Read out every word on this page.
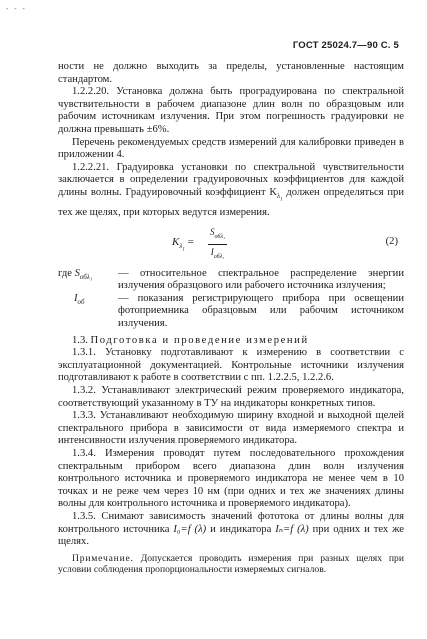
- - -
ГОСТ 25024.7—90 С. 5

ности не должно выходить за пределы, установленные настоящим стандартом.

1.2.2.20. Установка должна быть проградуирована по спектральной чувствительности в рабочем диапазоне длин волн по образцовым или рабочим источникам излучения. При этом погрешность градуировки не должна превышать ±6%.

Перечень рекомендуемых средств измерений для калибровки приведен в приложении 4.

1.2.2.21. Градуировка установки по спектральной чувствительности заключается в определении градуировочных коэффициентов для каждой длины волны. Градуировочный коэффициент $K_{\lambda_1}$ должен определяться при тех же щелях, при которых ведутся измерения.

$K_{\lambda_1}$ =
$S_{об\lambda_1}$
$I_{об\lambda_1}$
(2)
где $S_{об\lambda_1}$	— относительное спектральное распределение энергии излучения образцового или рабочего источника излучения;
$I_{об}$	— показания регистрирующего прибора при освещении фотоприемника образцовым или рабочим источником излучения.

1.3. Подготовка и проведение измерений

1.3.1. Установку подготавливают к измерению в соответствии с эксплуатационной документацией. Контрольные источники излучения подготавливают к работе в соответствии с пп. 1.2.2.5, 1.2.2.6.

1.3.2. Устанавливают электрический режим проверяемого индикатора, соответствующий указанному в ТУ на индикаторы конкретных типов.

1.3.3. Устанавливают необходимую ширину входной и выходной щелей спектрального прибора в зависимости от вида измеряемого спектра и интенсивности излучения проверяемого индикатора.

1.3.4. Измерения проводят путем последовательного прохождения спектральным прибором всего диапазона длин волн излучения контрольного источника и проверяемого индикатора не менее чем в 10 точках и не реже чем через 10 нм (при одних и тех же значениях длины волны для контрольного источника и проверяемого индикатора).

1.3.5. Снимают зависимость значений фототока от длины волны для контрольного источника I₀=f (λ) и индикатора Iₙ=f (λ) при одних и тех же щелях.

Примечание. Допускается проводить измерения при разных щелях при условии соблюдения пропорциональности измеряемых сигналов.
